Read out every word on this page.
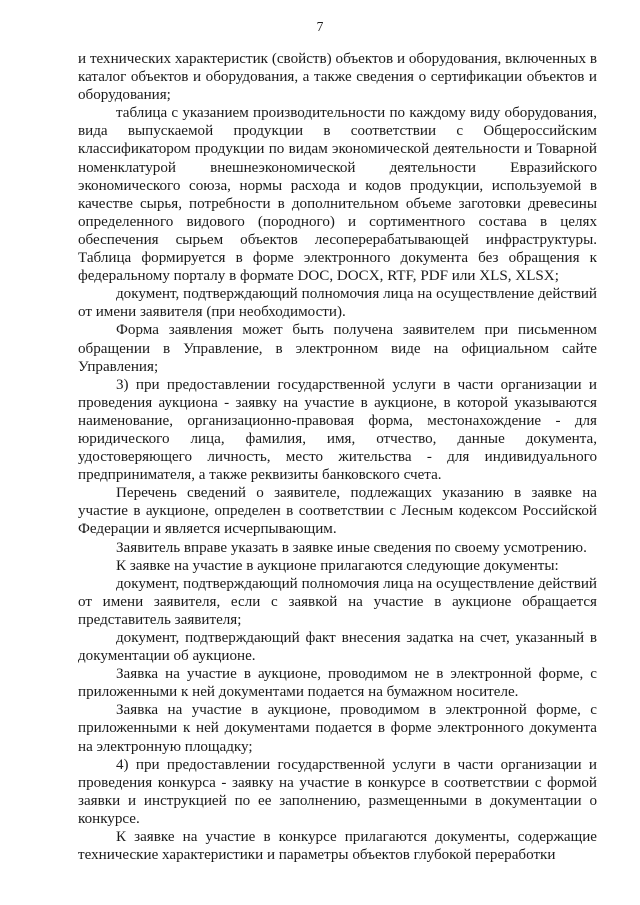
7

и технических характеристик (свойств) объектов и оборудования, включенных в каталог объектов и оборудования, а также сведения о сертификации объектов и оборудования;

таблица с указанием производительности по каждому виду оборудования, вида выпускаемой продукции в соответствии с Общероссийским классификатором продукции по видам экономической деятельности и Товарной номенклатурой внешнеэкономической деятельности Евразийского экономического союза, нормы расхода и кодов продукции, используемой в качестве сырья, потребности в дополнительном объеме заготовки древесины определенного видового (породного) и сортиментного состава в целях обеспечения сырьем объектов лесоперерабатывающей инфраструктуры. Таблица формируется в форме электронного документа без обращения к федеральному порталу в формате DOC, DOCX, RTF, PDF или XLS, XLSX;

документ, подтверждающий полномочия лица на осуществление действий от имени заявителя (при необходимости).

Форма заявления может быть получена заявителем при письменном обращении в Управление, в электронном виде на официальном сайте Управления;

3) при предоставлении государственной услуги в части организации и проведения аукциона - заявку на участие в аукционе, в которой указываются наименование, организационно-правовая форма, местонахождение - для юридического лица, фамилия, имя, отчество, данные документа, удостоверяющего личность, место жительства - для индивидуального предпринимателя, а также реквизиты банковского счета.

Перечень сведений о заявителе, подлежащих указанию в заявке на участие в аукционе, определен в соответствии с Лесным кодексом Российской Федерации и является исчерпывающим.

Заявитель вправе указать в заявке иные сведения по своему усмотрению.

К заявке на участие в аукционе прилагаются следующие документы:

документ, подтверждающий полномочия лица на осуществление действий от имени заявителя, если с заявкой на участие в аукционе обращается представитель заявителя;

документ, подтверждающий факт внесения задатка на счет, указанный в документации об аукционе.

Заявка на участие в аукционе, проводимом не в электронной форме, с приложенными к ней документами подается на бумажном носителе.

Заявка на участие в аукционе, проводимом в электронной форме, с приложенными к ней документами подается в форме электронного документа на электронную площадку;

4) при предоставлении государственной услуги в части организации и проведения конкурса - заявку на участие в конкурсе в соответствии с формой заявки и инструкцией по ее заполнению, размещенными в документации о конкурсе.

К заявке на участие в конкурсе прилагаются документы, содержащие технические характеристики и параметры объектов глубокой переработки
